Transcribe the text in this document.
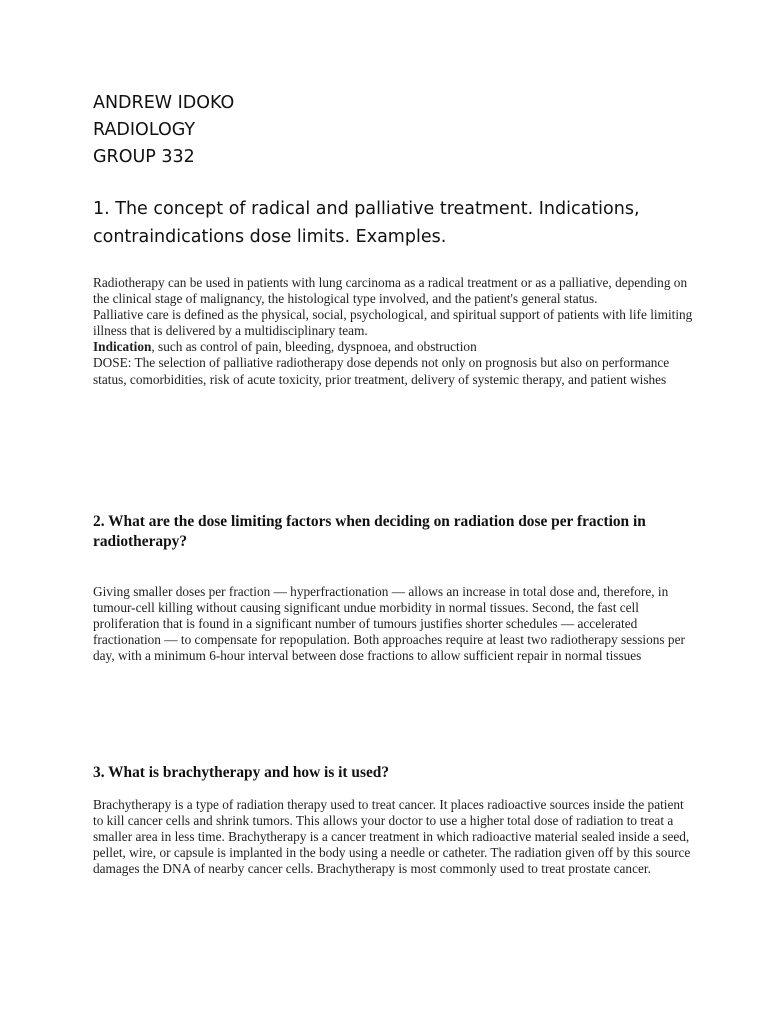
ANDREW IDOKO
RADIOLOGY
GROUP 332
1. The concept of radical and palliative treatment. Indications, contraindications dose limits. Examples.

Radiotherapy can be used in patients with lung carcinoma as a radical treatment or as a palliative, depending on the clinical stage of malignancy, the histological type involved, and the patient's general status.

Palliative care is defined as the physical, social, psychological, and spiritual support of patients with life limiting illness that is delivered by a multidisciplinary team.

Indication, such as control of pain, bleeding, dyspnoea, and obstruction

DOSE: The selection of palliative radiotherapy dose depends not only on prognosis but also on performance status, comorbidities, risk of acute toxicity, prior treatment, delivery of systemic therapy, and patient wishes

2. What are the dose limiting factors when deciding on radiation dose per fraction in radiotherapy?

Giving smaller doses per fraction — hyperfractionation — allows an increase in total dose and, therefore, in tumour-cell killing without causing significant undue morbidity in normal tissues. Second, the fast cell proliferation that is found in a significant number of tumours justifies shorter schedules — accelerated fractionation — to compensate for repopulation. Both approaches require at least two radiotherapy sessions per day, with a minimum 6-hour interval between dose fractions to allow sufficient repair in normal tissues

3. What is brachytherapy and how is it used?

Brachytherapy is a type of radiation therapy used to treat cancer. It places radioactive sources inside the patient to kill cancer cells and shrink tumors. This allows your doctor to use a higher total dose of radiation to treat a smaller area in less time. Brachytherapy is a cancer treatment in which radioactive material sealed inside a seed, pellet, wire, or capsule is implanted in the body using a needle or catheter. The radiation given off by this source damages the DNA of nearby cancer cells. Brachytherapy is most commonly used to treat prostate cancer.
